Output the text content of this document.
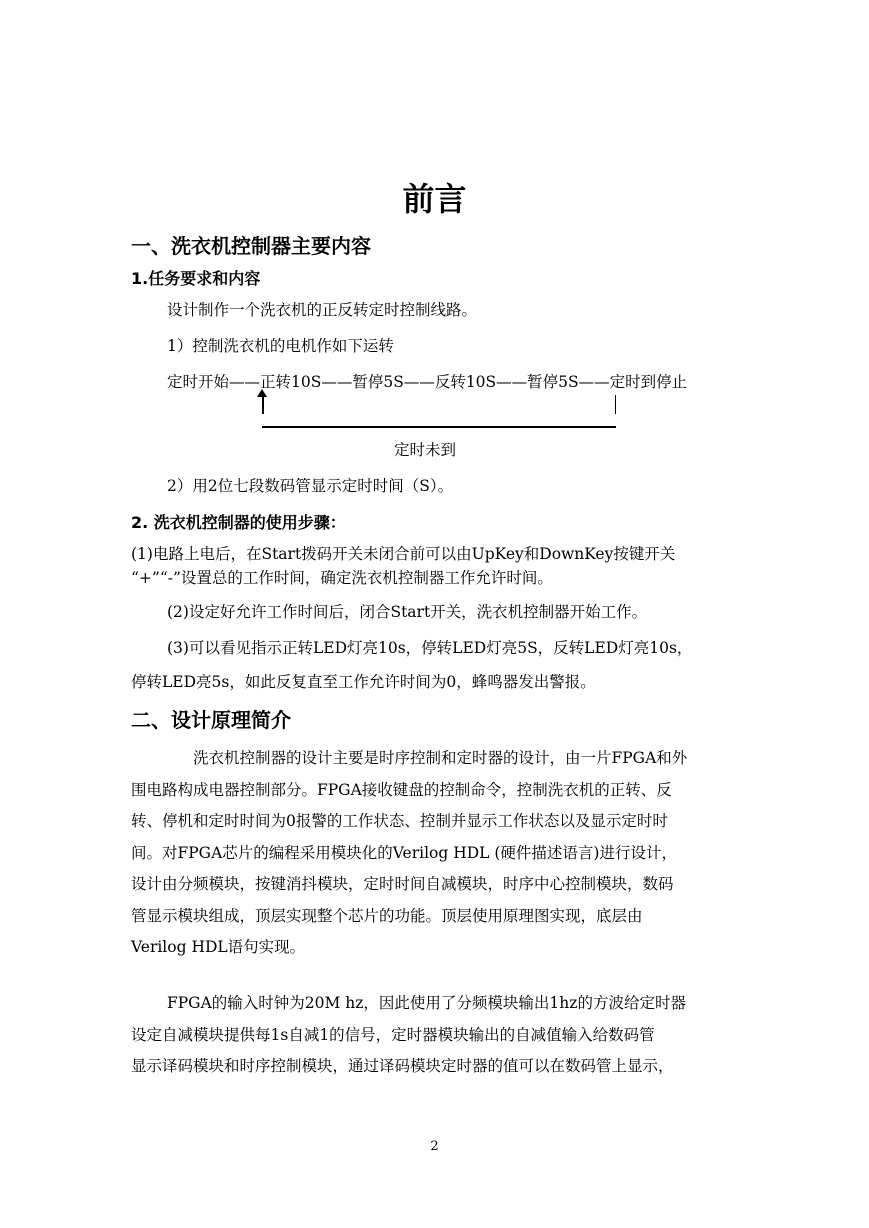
前言
一、洗衣机控制器主要内容
1.任务要求和内容
设计制作一个洗衣机的正反转定时控制线路。
1）控制洗衣机的电机作如下运转
定时开始——正转10S——暂停5S——反转10S——暂停5S——定时到停止
定时未到
2）用2位七段数码管显示定时时间（S）。
2. 洗衣机控制器的使用步骤：
(1)电路上电后，在Start拨码开关未闭合前可以由UpKey和DownKey按键开关
“+”“-”设置总的工作时间，确定洗衣机控制器工作允许时间。
(2)设定好允许工作时间后，闭合Start开关，洗衣机控制器开始工作。
(3)可以看见指示正转LED灯亮10s，停转LED灯亮5S，反转LED灯亮10s，
停转LED亮5s，如此反复直至工作允许时间为0，蜂鸣器发出警报。
二、设计原理简介
洗衣机控制器的设计主要是时序控制和定时器的设计，由一片FPGA和外
围电路构成电器控制部分。FPGA接收键盘的控制命令，控制洗衣机的正转、反
转、停机和定时时间为0报警的工作状态、控制并显示工作状态以及显示定时时
间。对FPGA芯片的编程采用模块化的Verilog HDL (硬件描述语言)进行设计，
设计由分频模块，按键消抖模块，定时时间自减模块，时序中心控制模块，数码
管显示模块组成，顶层实现整个芯片的功能。顶层使用原理图实现，底层由
Verilog HDL语句实现。
FPGA的输入时钟为20M hz，因此使用了分频模块输出1hz的方波给定时器
设定自减模块提供每1s自减1的信号，定时器模块输出的自减值输入给数码管
显示译码模块和时序控制模块，通过译码模块定时器的值可以在数码管上显示，
2
